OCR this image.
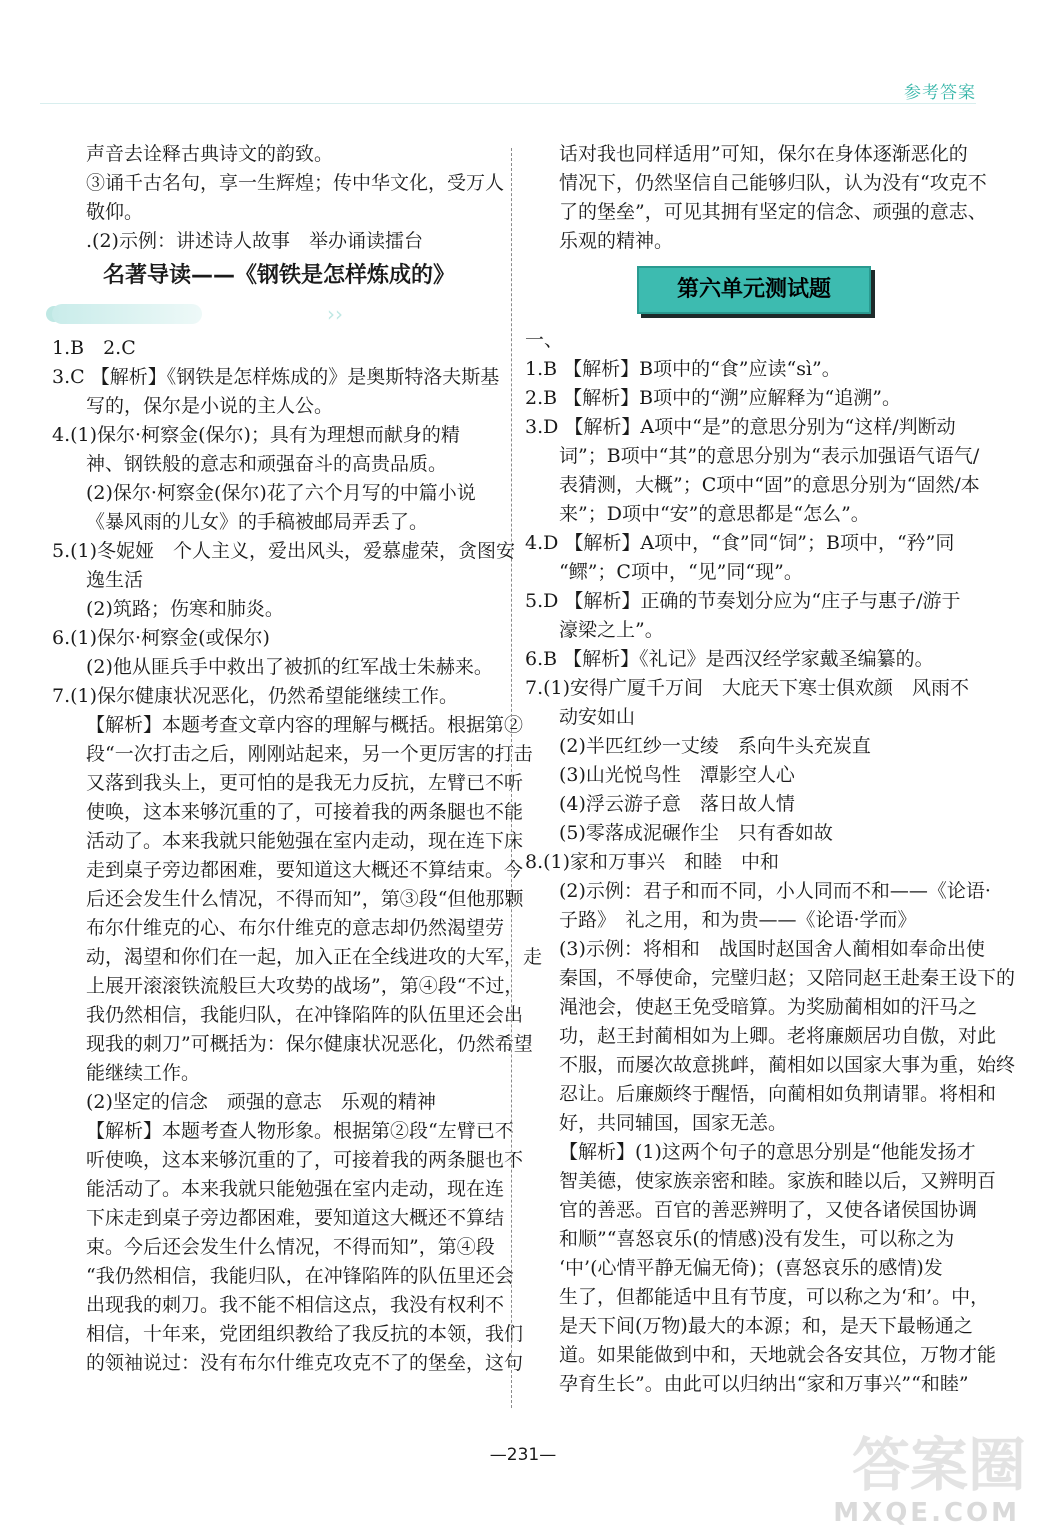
参考答案
声音去诠释古典诗文的韵致。
③诵千古名句，享一生辉煌；传中华文化，受万人
敬仰。
.(2)示例：讲述诗人故事　举办诵读擂台
名著导读——《钢铁是怎样炼成的》
››
1.B　2.C
3.C 【解析】《钢铁是怎样炼成的》是奥斯特洛夫斯基
写的，保尔是小说的主人公。
4.(1)保尔·柯察金(保尔)；具有为理想而献身的精
神、钢铁般的意志和顽强奋斗的高贵品质。
(2)保尔·柯察金(保尔)花了六个月写的中篇小说
《暴风雨的儿女》的手稿被邮局弄丢了。
5.(1)冬妮娅　个人主义，爱出风头，爱慕虚荣，贪图安
逸生活
(2)筑路；伤寒和肺炎。
6.(1)保尔·柯察金(或保尔)
(2)他从匪兵手中救出了被抓的红军战士朱赫来。
7.(1)保尔健康状况恶化，仍然希望能继续工作。
【解析】本题考查文章内容的理解与概括。根据第②
段“一次打击之后，刚刚站起来，另一个更厉害的打击
又落到我头上，更可怕的是我无力反抗，左臂已不听
使唤，这本来够沉重的了，可接着我的两条腿也不能
活动了。本来我就只能勉强在室内走动，现在连下床
走到桌子旁边都困难，要知道这大概还不算结束。今
后还会发生什么情况，不得而知”，第③段“但他那颗
布尔什维克的心、布尔什维克的意志却仍然渴望劳
动，渴望和你们在一起，加入正在全线进攻的大军，走
上展开滚滚铁流般巨大攻势的战场”，第④段“不过，
我仍然相信，我能归队，在冲锋陷阵的队伍里还会出
现我的刺刀”可概括为：保尔健康状况恶化，仍然希望
能继续工作。
(2)坚定的信念　顽强的意志　乐观的精神
【解析】本题考查人物形象。根据第②段“左臂已不
听使唤，这本来够沉重的了，可接着我的两条腿也不
能活动了。本来我就只能勉强在室内走动，现在连
下床走到桌子旁边都困难，要知道这大概还不算结
束。今后还会发生什么情况，不得而知”，第④段
“我仍然相信，我能归队，在冲锋陷阵的队伍里还会
出现我的刺刀。我不能不相信这点，我没有权利不
相信，十年来，党团组织教给了我反抗的本领，我们
的领袖说过：没有布尔什维克攻克不了的堡垒，这句
话对我也同样适用”可知，保尔在身体逐渐恶化的
情况下，仍然坚信自己能够归队，认为没有“攻克不
了的堡垒”，可见其拥有坚定的信念、顽强的意志、
乐观的精神。
第六单元测试题
一、
1.B 【解析】B项中的“食”应读“sì”。
2.B 【解析】B项中的“溯”应解释为“追溯”。
3.D 【解析】A项中“是”的意思分别为“这样/判断动
词”；B项中“其”的意思分别为“表示加强语气语气/
表猜测，大概”；C项中“固”的意思分别为“固然/本
来”；D项中“安”的意思都是“怎么”。
4.D 【解析】A项中，“食”同“饲”；B项中，“矜”同
“鳏”；C项中，“见”同“现”。
5.D 【解析】正确的节奏划分应为“庄子与惠子/游于
濠梁之上”。
6.B 【解析】《礼记》是西汉经学家戴圣编纂的。
7.(1)安得广厦千万间　大庇天下寒士俱欢颜　风雨不
动安如山
(2)半匹红纱一丈绫　系向牛头充炭直
(3)山光悦鸟性　潭影空人心
(4)浮云游子意　落日故人情
(5)零落成泥碾作尘　只有香如故
8.(1)家和万事兴　和睦　中和
(2)示例：君子和而不同，小人同而不和——《论语·
子路》　礼之用，和为贵——《论语·学而》
(3)示例：将相和　战国时赵国舍人蔺相如奉命出使
秦国，不辱使命，完璧归赵；又陪同赵王赴秦王设下的
渑池会，使赵王免受暗算。为奖励蔺相如的汗马之
功，赵王封蔺相如为上卿。老将廉颇居功自傲，对此
不服，而屡次故意挑衅，蔺相如以国家大事为重，始终
忍让。后廉颇终于醒悟，向蔺相如负荆请罪。将相和
好，共同辅国，国家无恙。
【解析】(1)这两个句子的意思分别是“他能发扬才
智美德，使家族亲密和睦。家族和睦以后，又辨明百
官的善恶。百官的善恶辨明了，又使各诸侯国协调
和顺”“喜怒哀乐(的情感)没有发生，可以称之为
‘中’(心情平静无偏无倚)；(喜怒哀乐的感情)发
生了，但都能适中且有节度，可以称之为‘和’。中，
是天下间(万物)最大的本源；和，是天下最畅通之
道。如果能做到中和，天地就会各安其位，万物才能
孕育生长”。由此可以归纳出“家和万事兴”“和睦”
—231—	答案圈
MXQE.COM
